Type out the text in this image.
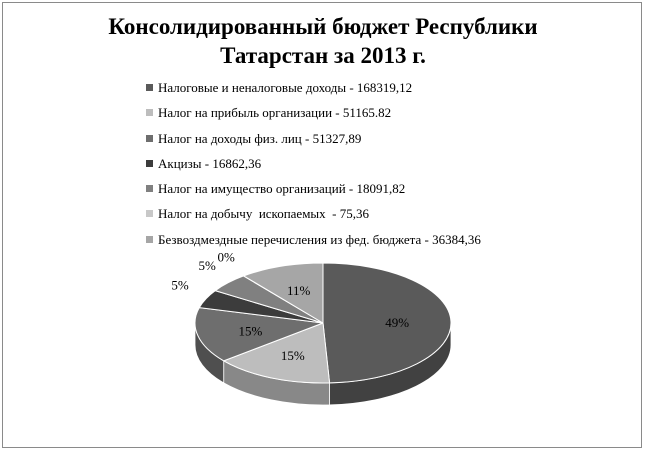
Консолидированный бюджет Республики
Татарстан за 2013 г.
Налоговые и неналоговые доходы - 168319,12
Налог на прибыль организации - 51165.82
Налог на доходы физ. лиц - 51327,89
Акцизы - 16862,36
Налог на имущество организаций - 18091,82
Налог на добычу  ископаемых  - 75,36
Безвоздмездные перечисления из фед. бюджета - 36384,36
49%
15%
15%
5%
5%
0%
11%
